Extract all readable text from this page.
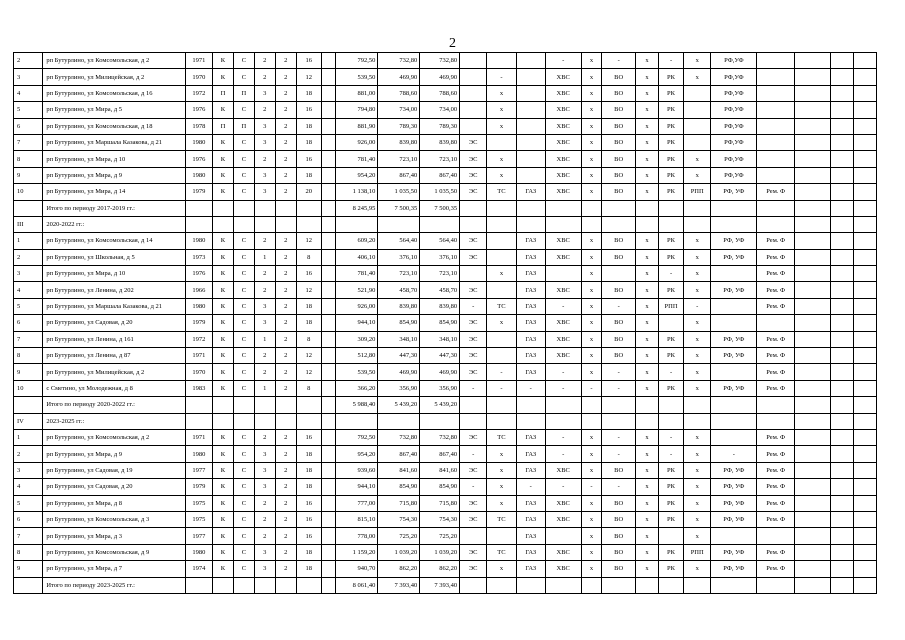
2
2	рп Бутурлино, ул Комсомольская, д 2	1971	К	С	2	2	16		792,50	732,80	732,80				-	x	-	x	-	x	РФ,УФ				
3	рп Бутурлино, ул Милицейская, д 2	1970	К	С	2	2	12		539,50	469,90	469,90		-		ХВС	x	ВО	x	РК	x	РФ,УФ				
4	рп Бутурлино, ул Комсомольская, д 16	1972	П	П	3	2	18		881,00	788,60	788,60		x		ХВС	x	ВО	x	РК		РФ,УФ				
5	рп Бутурлино, ул Мира, д 5	1976	К	С	2	2	16		794,80	734,00	734,00		x		ХВС	x	ВО	x	РК		РФ,УФ				
6	рп Бутурлино, ул Комсомольская, д 18	1978	П	П	3	2	18		881,90	789,30	789,30		x		ХВС	x	ВО	x	РК		РФ,УФ				
7	рп Бутурлино, ул Маршала Казакова, д 21	1980	К	С	3	2	18		926,00	839,80	839,80	ЭС			ХВС	x	ВО	x	РК		РФ,УФ				
8	рп Бутурлино, ул Мира, д 10	1976	К	С	2	2	16		781,40	723,10	723,10	ЭС	x		ХВС	x	ВО	x	РК	x	РФ,УФ				
9	рп Бутурлино, ул Мира, д 9	1980	К	С	3	2	18		954,20	867,40	867,40	ЭС	x		ХВС	x	ВО	x	РК	x	РФ,УФ				
10	рп Бутурлино, ул Мира, д 14	1979	К	С	3	2	20		1 138,10	1 035,50	1 035,50	ЭС	ТС	ГАЗ	ХВС	x	ВО	x	РК	РПП	РФ, УФ	Рем. Ф			
	Итого по периоду 2017-2019 гг.:								8 245,95	7 500,35	7 500,35														
III	2020-2022 гг.:																								
1	рп Бутурлино, ул Комсомольская, д 14	1980	К	С	2	2	12		609,20	564,40	564,40	ЭС		ГАЗ	ХВС	x	ВО	x	РК	x	РФ, УФ	Рем. Ф			
2	рп Бутурлино, ул Школьная, д 5	1973	К	С	1	2	8		406,10	376,10	376,10	ЭС		ГАЗ	ХВС	x	ВО	x	РК	x	РФ, УФ	Рем. Ф			
3	рп Бутурлино, ул Мира, д 10	1976	К	С	2	2	16		781,40	723,10	723,10		x	ГАЗ		x		x	-	x		Рем. Ф			
4	рп Бутурлино, ул Ленина, д 202	1966	К	С	2	2	12		521,90	458,70	458,70	ЭС		ГАЗ	ХВС	x	ВО	x	РК	x	РФ, УФ	Рем. Ф			
5	рп Бутурлино, ул Маршала Казакова, д 21	1980	К	С	3	2	18		926,00	839,80	839,80	-	ТС	ГАЗ	-	x	-	x	РПП	-		Рем. Ф			
6	рп Бутурлино, ул Садовая, д 20	1979	К	С	3	2	18		944,10	854,90	854,90	ЭС	x	ГАЗ	ХВС	x	ВО	x		x					
7	рп Бутурлино, ул Ленина, д 161	1972	К	С	1	2	8		309,20	348,10	348,10	ЭС		ГАЗ	ХВС	x	ВО	x	РК	x	РФ, УФ	Рем. Ф			
8	рп Бутурлино, ул Ленина, д 87	1971	К	С	2	2	12		512,80	447,30	447,30	ЭС		ГАЗ	ХВС	x	ВО	x	РК	x	РФ, УФ	Рем. Ф			
9	рп Бутурлино, ул Милицейская, д 2	1970	К	С	2	2	12		539,50	469,90	469,90	ЭС	-	ГАЗ	-	x	-	x	-	x		Рем. Ф			
10	с Сметино, ул Молодежная, д 8	1983	К	С	1	2	8		366,20	356,90	356,90	-	-	-	-	-	-	x	РК	x	РФ, УФ	Рем. Ф			
	Итого по периоду 2020-2022 гг.:								5 988,40	5 439,20	5 439,20														
IV	2023-2025 гг.:																								
1	рп Бутурлино, ул Комсомольская, д 2	1971	К	С	2	2	16		792,50	732,80	732,80	ЭС	ТС	ГАЗ	-	x	-	x	-	x		Рем. Ф			
2	рп Бутурлино, ул Мира, д 9	1980	К	С	3	2	18		954,20	867,40	867,40	-	x	ГАЗ	-	x	-	x	-	x	-	Рем. Ф			
3	рп Бутурлино, ул Садовая, д 19	1977	К	С	3	2	18		939,60	841,60	841,60	ЭС	x	ГАЗ	ХВС	x	ВО	x	РК	x	РФ, УФ	Рем. Ф			
4	рп Бутурлино, ул Садовая, д 20	1979	К	С	3	2	18		944,10	854,90	854,90	-	x	-	-	-	-	x	РК	x	РФ, УФ	Рем. Ф			
5	рп Бутурлино, ул Мира, д 8	1975	К	С	2	2	16		777,00	715,80	715,80	ЭС	x	ГАЗ	ХВС	x	ВО	x	РК	x	РФ, УФ	Рем. Ф			
6	рп Бутурлино, ул Комсомольская, д 3	1975	К	С	2	2	16		815,10	754,30	754,30	ЭС	ТС	ГАЗ	ХВС	x	ВО	x	РК	x	РФ, УФ	Рем. Ф			
7	рп Бутурлино, ул Мира, д 3	1977	К	С	2	2	16		778,00	725,20	725,20			ГАЗ		x	ВО	x		x					
8	рп Бутурлино, ул Комсомольская, д 9	1980	К	С	3	2	18		1 159,20	1 039,20	1 039,20	ЭС	ТС	ГАЗ	ХВС	x	ВО	x	РК	РПП	РФ, УФ	Рем. Ф			
9	рп Бутурлино, ул Мира, д 7	1974	К	С	3	2	18		940,70	862,20	862,20	ЭС	x	ГАЗ	ХВС	x	ВО	x	РК	x	РФ, УФ	Рем. Ф			
	Итого по периоду 2023-2025 гг.:								8 061,40	7 393,40	7 393,40														
